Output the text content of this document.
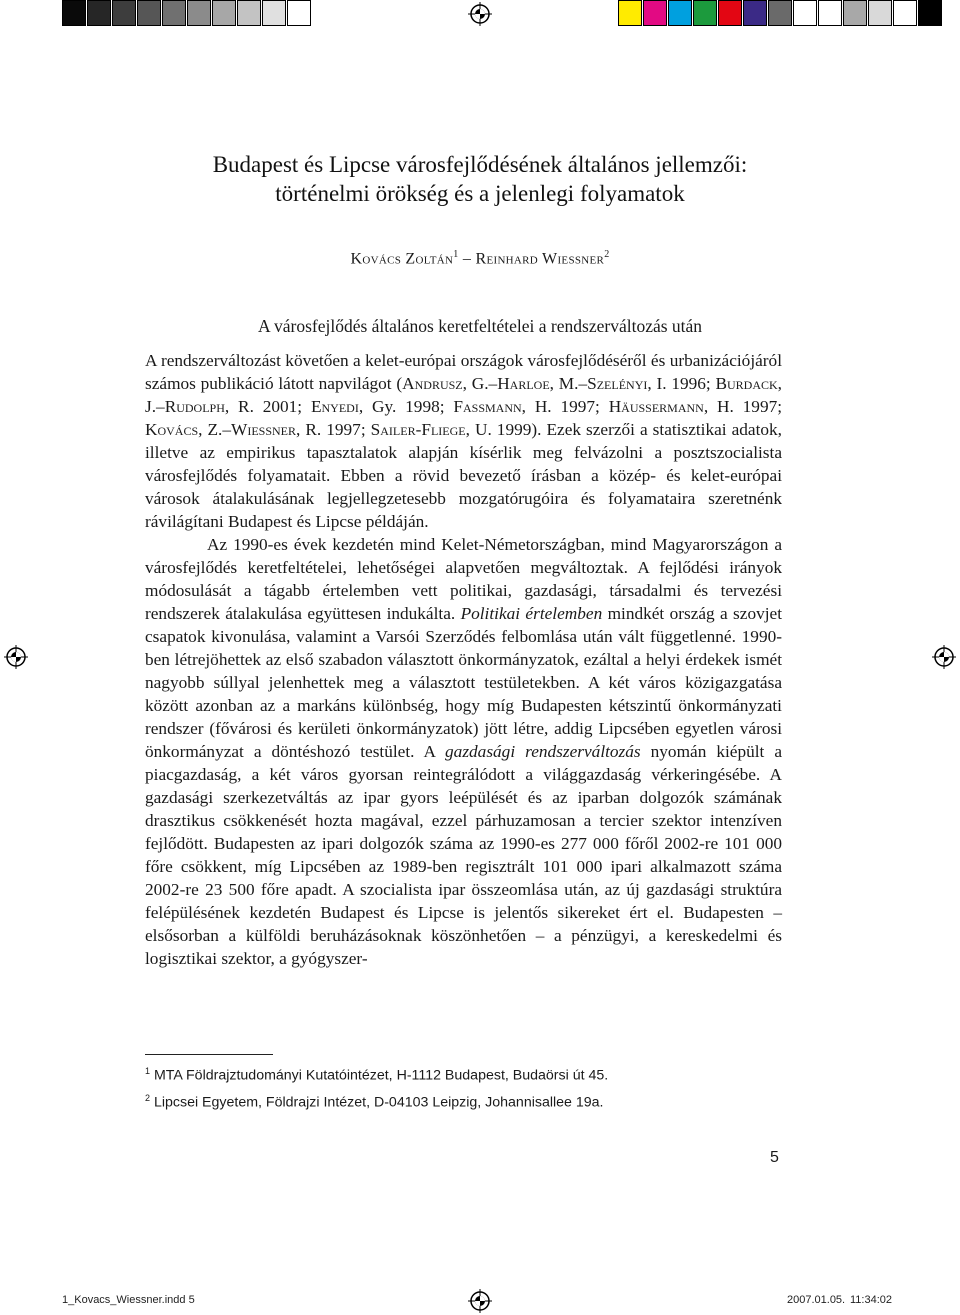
Budapest és Lipcse városfejlődésének általános jellemzői:
történelmi örökség és a jelenlegi folyamatok
Kovács Zoltán$^1$ – Reinhard Wiessner$^2$
A városfejlődés általános keretfeltételei a rendszerváltozás után

A rendszerváltozást követően a kelet-európai országok városfejlődéséről és urbanizációjáról számos publikáció látott napvilágot (Andrusz, G.–Harloe, M.–Szelényi, I. 1996; Burdack, J.–Rudolph, R. 2001; Enyedi, Gy. 1998; Fassmann, H. 1997; Häussermann, H. 1997; Kovács, Z.–Wiessner, R. 1997; Sailer-Fliege, U. 1999). Ezek szerzői a statisztikai adatok, illetve az empirikus tapasztalatok alapján kísérlik meg felvázolni a posztszocialista városfejlődés folyamatait. Ebben a rövid bevezető írásban a közép- és kelet-európai városok átalakulásának legjellegzetesebb mozgatórugóira és folyamataira szeretnénk rávilágítani Budapest és Lipcse példáján.

Az 1990-es évek kezdetén mind Kelet-Németországban, mind Magyarországon a városfejlődés keretfeltételei, lehetőségei alapvetően megváltoztak. A fejlődési irányok módosulását a tágabb értelemben vett politikai, gazdasági, társadalmi és tervezési rendszerek átalakulása együttesen indukálta. Politikai értelemben mindkét ország a szovjet csapatok kivonulása, valamint a Varsói Szerződés felbomlása után vált függetlenné. 1990-ben létrejöhettek az első szabadon választott önkormányzatok, ezáltal a helyi érdekek ismét nagyobb súllyal jelenhettek meg a választott testületekben. A két város közigazgatása között azonban az a markáns különbség, hogy míg Budapesten kétszintű önkormányzati rendszer (fővárosi és kerületi önkormányzatok) jött létre, addig Lipcsében egyetlen városi önkormányzat a döntéshozó testület. A gazdasági rendszerváltozás nyomán kiépült a piacgazdaság, a két város gyorsan reintegrálódott a világgazdaság vérkeringésébe. A gazdasági szerkezetváltás az ipar gyors leépülését és az iparban dolgozók számának drasztikus csökkenését hozta magával, ezzel párhuzamosan a tercier szektor intenzíven fejlődött. Budapesten az ipari dolgozók száma az 1990-es 277 000 főről 2002-re 101 000 főre csökkent, míg Lipcsében az 1989-ben regisztrált 101 000 ipari alkalmazott száma 2002-re 23 500 főre apadt. A szocialista ipar összeomlása után, az új gazdasági struktúra felépülésének kezdetén Budapest és Lipcse is jelentős sikereket ért el. Budapesten – elsősorban a külföldi beruházásoknak köszönhetően – a pénzügyi, a kereskedelmi és logisztikai szektor, a gyógyszer-

$^1$ MTA Földrajztudományi Kutatóintézet, H-1112 Budapest, Budaörsi út 45.

$^2$ Lipcsei Egyetem, Földrajzi Intézet, D-04103 Leipzig, Johannisallee 19a.

5
1_Kovacs_Wiessner.indd 5	2007.01.05. 11:34:02
